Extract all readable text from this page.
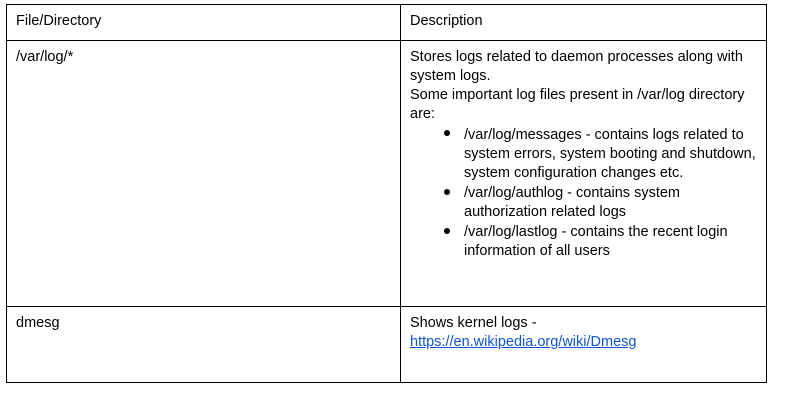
File/Directory	Description

/var/log/*	Stores logs related to daemon processes along with system logs.
Some important log files present in /var/log directory are:
/var/log/messages - contains logs related to system errors, system booting and shutdown, system configuration changes etc.
/var/log/authlog - contains system authorization related logs
/var/log/lastlog - contains the recent login information of all users

dmesg	Shows kernel logs -
https://en.wikipedia.org/wiki/Dmesg
